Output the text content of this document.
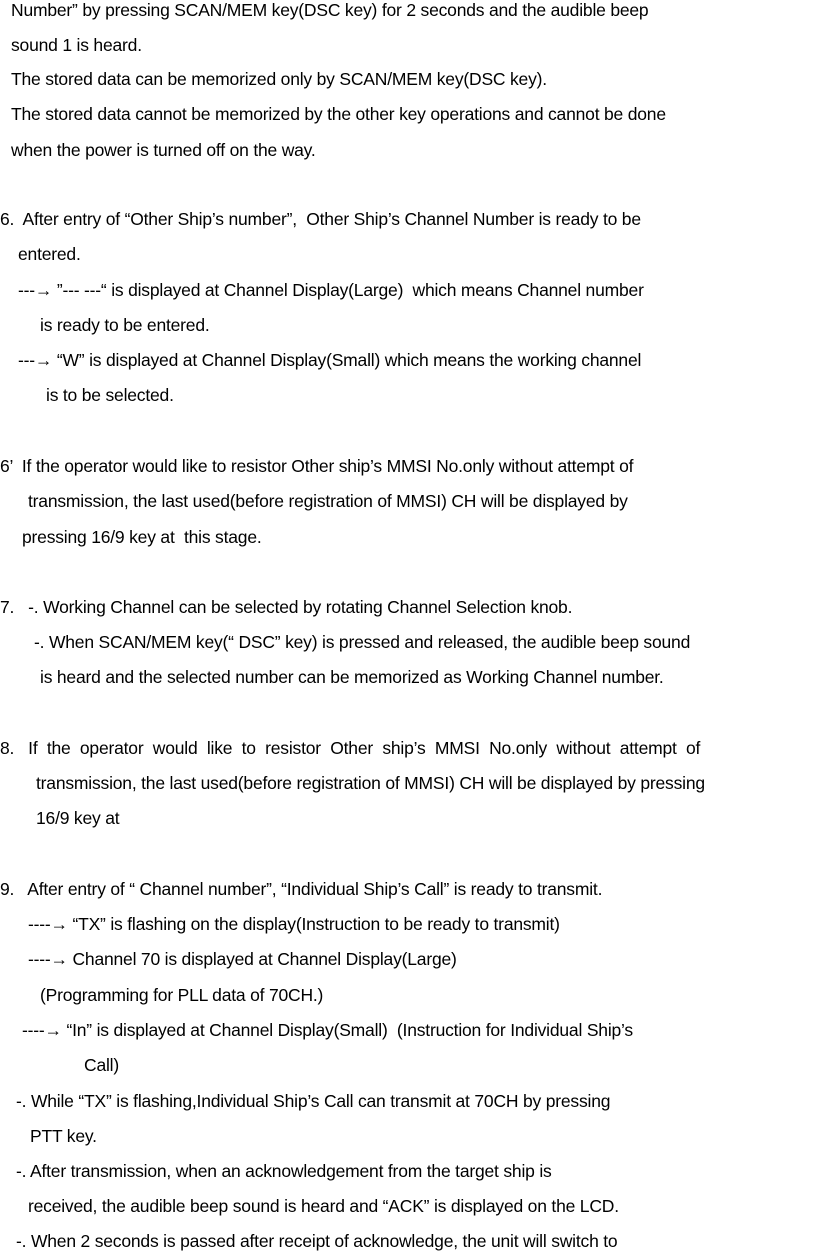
Number” by pressing SCAN/MEM key(DSC key) for 2 seconds and the audible beep
sound 1 is heard.
The stored data can be memorized only by SCAN/MEM key(DSC key).
The stored data cannot be memorized by the other key operations and cannot be done
when the power is turned off on the way.
6.  After entry of “Other Ship’s number”,  Other Ship’s Channel Number is ready to be
entered.
---→ ”--- ---“ is displayed at Channel Display(Large)  which means Channel number
is ready to be entered.
---→ “W” is displayed at Channel Display(Small) which means the working channel
is to be selected.
6’  If the operator would like to resistor Other ship’s MMSI No.only without attempt of
transmission, the last used(before registration of MMSI) CH will be displayed by
pressing 16/9 key at  this stage.
7.   -. Working Channel can be selected by rotating Channel Selection knob.
-. When SCAN/MEM key(“ DSC” key) is pressed and released, the audible beep sound
is heard and the selected number can be memorized as Working Channel number.
8.   If  the  operator  would  like  to  resistor  Other  ship’s  MMSI  No.only  without  attempt  of
transmission, the last used(before registration of MMSI) CH will be displayed by pressing
16/9 key at
9.   After entry of “ Channel number”, “Individual Ship’s Call” is ready to transmit.
----→ “TX” is flashing on the display(Instruction to be ready to transmit)
----→ Channel 70 is displayed at Channel Display(Large)
(Programming for PLL data of 70CH.)
----→ “In” is displayed at Channel Display(Small)  (Instruction for Individual Ship’s
Call)
-. While “TX” is flashing,Individual Ship’s Call can transmit at 70CH by pressing
PTT key.
-. After transmission, when an acknowledgement from the target ship is
received, the audible beep sound is heard and “ACK” is displayed on the LCD.
-. When 2 seconds is passed after receipt of acknowledge, the unit will switch to
